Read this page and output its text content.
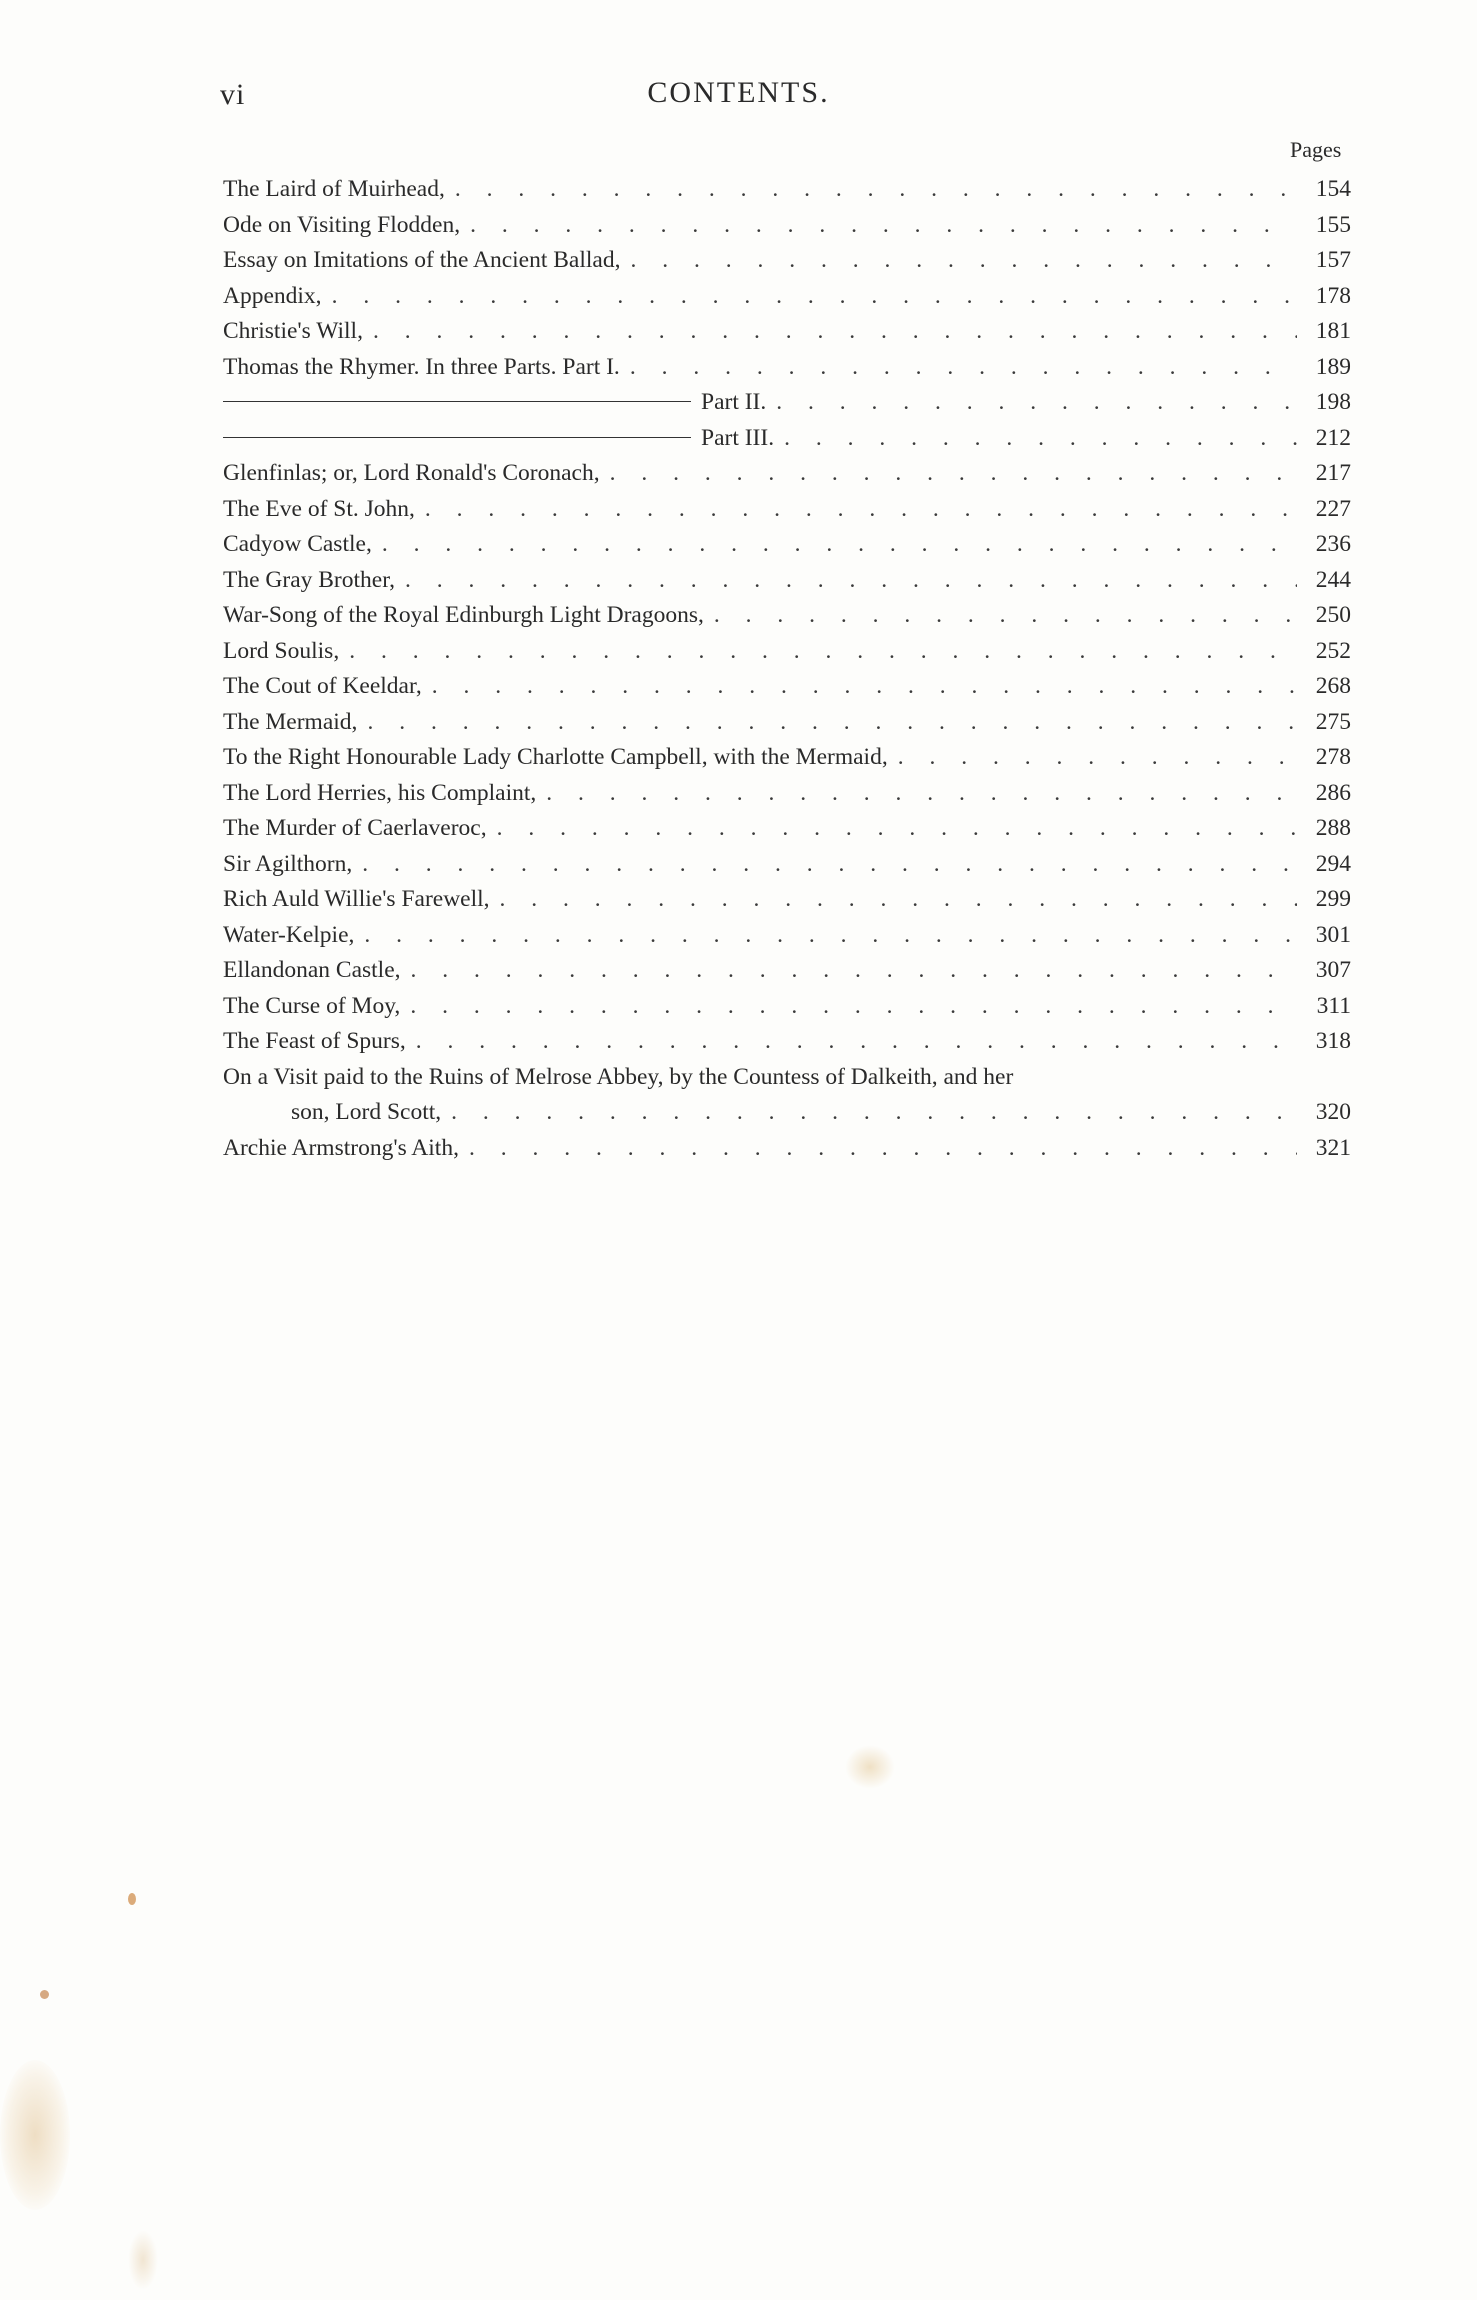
vi	CONTENTS.
Pages
The Laird of Muirhead, . . .	154
Ode on Visiting Flodden, . . .	155
Essay on Imitations of the Ancient Ballad, . . .	157
Appendix, . . .	178
Christie's Will, . . .	181
Thomas the Rhymer. In three Parts. Part I. . . .	189
Part II. . . .	198
Part III. . . .	212
Glenfinlas; or, Lord Ronald's Coronach, . . .	217
The Eve of St. John, . . .	227
Cadyow Castle, . . .	236
The Gray Brother, . . .	244
War-Song of the Royal Edinburgh Light Dragoons, . . .	250
Lord Soulis, . . .	252
The Cout of Keeldar, . . .	268
The Mermaid, . . .	275
To the Right Honourable Lady Charlotte Campbell, with the Mermaid, . . .	278
The Lord Herries, his Complaint, . . .	286
The Murder of Caerlaveroc, . . .	288
Sir Agilthorn, . . .	294
Rich Auld Willie's Farewell, . . .	299
Water-Kelpie, . . .	301
Ellandonan Castle, . . .	307
The Curse of Moy, . . .	311
The Feast of Spurs, . . .	318
On a Visit paid to the Ruins of Melrose Abbey, by the Countess of Dalkeith, and her
son, Lord Scott, . . .	320
Archie Armstrong's Aith, . . .	321
